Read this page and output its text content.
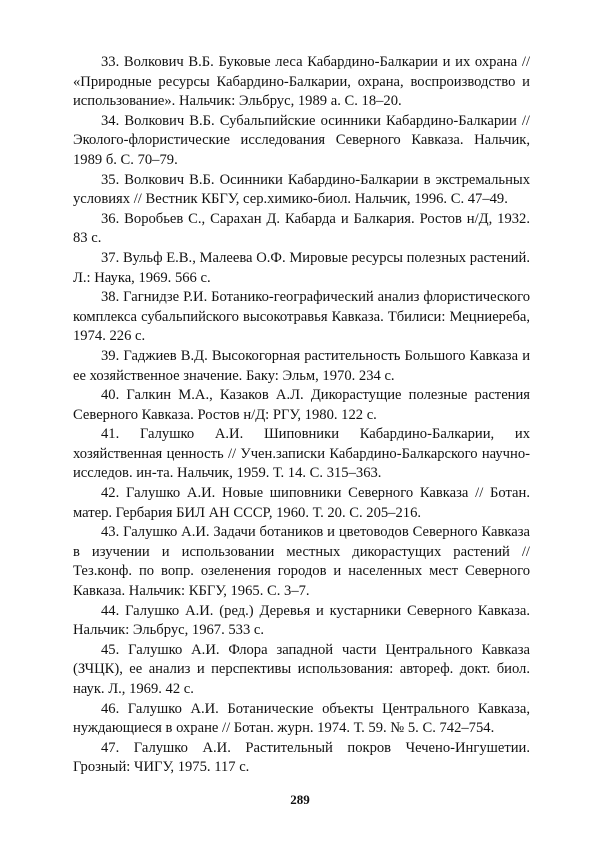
33. Волкович В.Б. Буковые леса Кабардино-Балкарии и их охрана // «Природные ресурсы Кабардино-Балкарии, охрана, воспроизводство и использование». Нальчик: Эльбрус, 1989 а. С. 18–20.

34. Волкович В.Б. Субальпийские осинники Кабардино-Балкарии // Эколого-флористические исследования Северного Кавказа. Нальчик, 1989 б. С. 70–79.

35. Волкович В.Б. Осинники Кабардино-Балкарии в экстремальных условиях // Вестник КБГУ, сер.химико-биол. Нальчик, 1996. С. 47–49.

36. Воробьев С., Сарахан Д. Кабарда и Балкария. Ростов н/Д, 1932. 83 с.

37. Вульф Е.В., Малеева О.Ф. Мировые ресурсы полезных растений. Л.: Наука, 1969. 566 с.

38. Гагнидзе Р.И. Ботанико-географический анализ флористического комплекса субальпийского высокотравья Кавказа. Тбилиси: Мецниереба, 1974. 226 с.

39. Гаджиев В.Д. Высокогорная растительность Большого Кавказа и ее хозяйственное значение. Баку: Эльм, 1970. 234 с.

40. Галкин М.А., Казаков А.Л. Дикорастущие полезные растения Северного Кавказа. Ростов н/Д: РГУ, 1980. 122 с.

41. Галушко А.И. Шиповники Кабардино-Балкарии, их хозяйственная ценность // Учен.записки Кабардино-Балкарского научно-исследов. ин-та. Нальчик, 1959. Т. 14. С. 315–363.

42. Галушко А.И. Новые шиповники Северного Кавказа // Ботан. матер. Гербария БИЛ АН СССР, 1960. Т. 20. С. 205–216.

43. Галушко А.И. Задачи ботаников и цветоводов Северного Кавказа в изучении и использовании местных дикорастущих растений // Тез.конф. по вопр. озеленения городов и населенных мест Северного Кавказа. Нальчик: КБГУ, 1965. С. 3–7.

44. Галушко А.И. (ред.) Деревья и кустарники Северного Кавказа. Нальчик: Эльбрус, 1967. 533 с.

45. Галушко А.И. Флора западной части Центрального Кавказа (ЗЧЦК), ее анализ и перспективы использования: автореф. докт. биол. наук. Л., 1969. 42 с.

46. Галушко А.И. Ботанические объекты Центрального Кавказа, нуждающиеся в охране // Ботан. журн. 1974. Т. 59. № 5. С. 742–754.

47. Галушко А.И. Растительный покров Чечено-Ингушетии. Грозный: ЧИГУ, 1975. 117 с.

289
